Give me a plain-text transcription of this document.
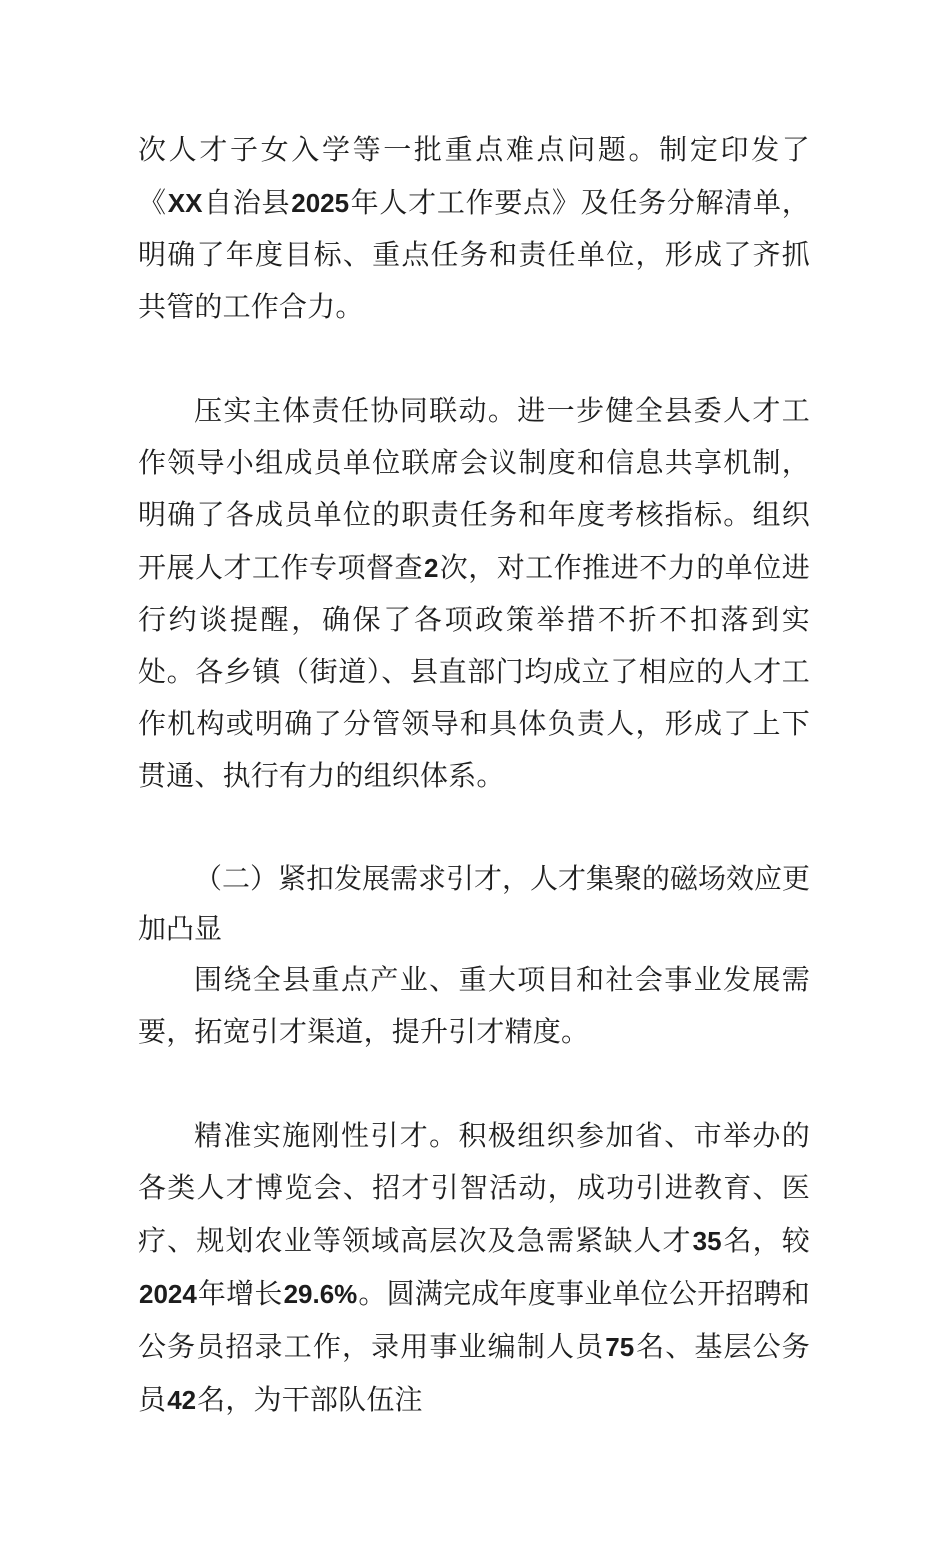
次人才子女入学等一批重点难点问题。制定印发了《XX自治县2025年人才工作要点》及任务分解清单，明确了年度目标、重点任务和责任单位，形成了齐抓共管的工作合力。

压实主体责任协同联动。进一步健全县委人才工作领导小组成员单位联席会议制度和信息共享机制，明确了各成员单位的职责任务和年度考核指标。组织开展人才工作专项督查2次，对工作推进不力的单位进行约谈提醒，确保了各项政策举措不折不扣落到实处。各乡镇（街道）、县直部门均成立了相应的人才工作机构或明确了分管领导和具体负责人，形成了上下贯通、执行有力的组织体系。

（二）紧扣发展需求引才，人才集聚的磁场效应更加凸显

围绕全县重点产业、重大项目和社会事业发展需要，拓宽引才渠道，提升引才精度。

精准实施刚性引才。积极组织参加省、市举办的各类人才博览会、招才引智活动，成功引进教育、医疗、规划农业等领域高层次及急需紧缺人才35名，较2024年增长29.6%。圆满完成年度事业单位公开招聘和公务员招录工作，录用事业编制人员75名、基层公务员42名，为干部队伍注
